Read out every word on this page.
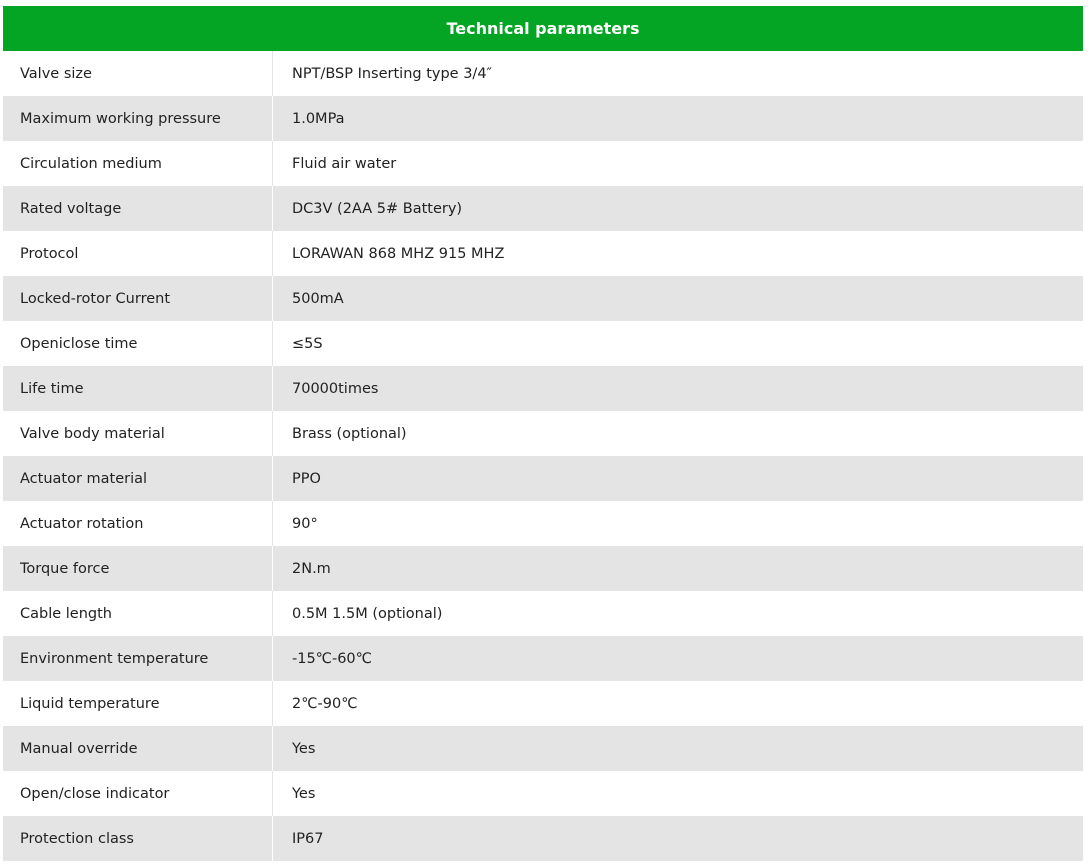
Technical parameters
Valve size	NPT/BSP Inserting type 3/4″
Maximum working pressure	1.0MPa
Circulation medium	Fluid air water
Rated voltage	DC3V (2AA 5# Battery)
Protocol	LORAWAN 868 MHZ 915 MHZ
Locked-rotor Current	500mA
Openiclose time	≤5S
Life time	70000times
Valve body material	Brass (optional)
Actuator material	PPO
Actuator rotation	90°
Torque force	2N.m
Cable length	0.5M 1.5M (optional)
Environment temperature	-15℃-60℃
Liquid temperature	2℃-90℃
Manual override	Yes
Open/close indicator	Yes
Protection class	IP67
